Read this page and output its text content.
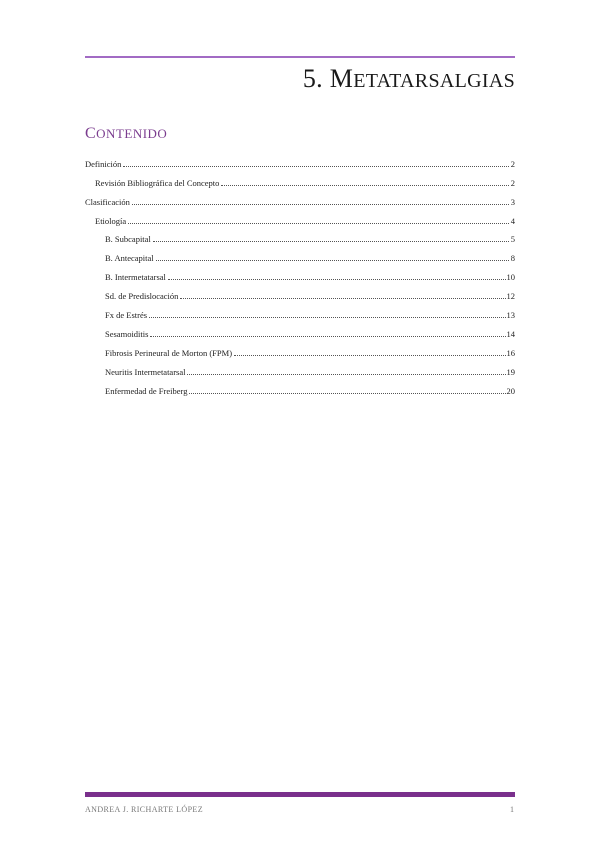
5. METATARSALGIAS
CONTENIDO
Definición	2
Revisión Bibliográfica del Concepto	2
Clasificación	3
Etiología	4
B. Subcapital	5
B. Antecapital	8
B. Intermetatarsal	10
Sd. de Predislocación	12
Fx de Estrés	13
Sesamoiditis	14
Fibrosis Perineural de Morton (FPM)	16
Neuritis Intermetatarsal	19
Enfermedad de Freiberg	20
ANDREA J. RICHARTE LÓPEZ	1
